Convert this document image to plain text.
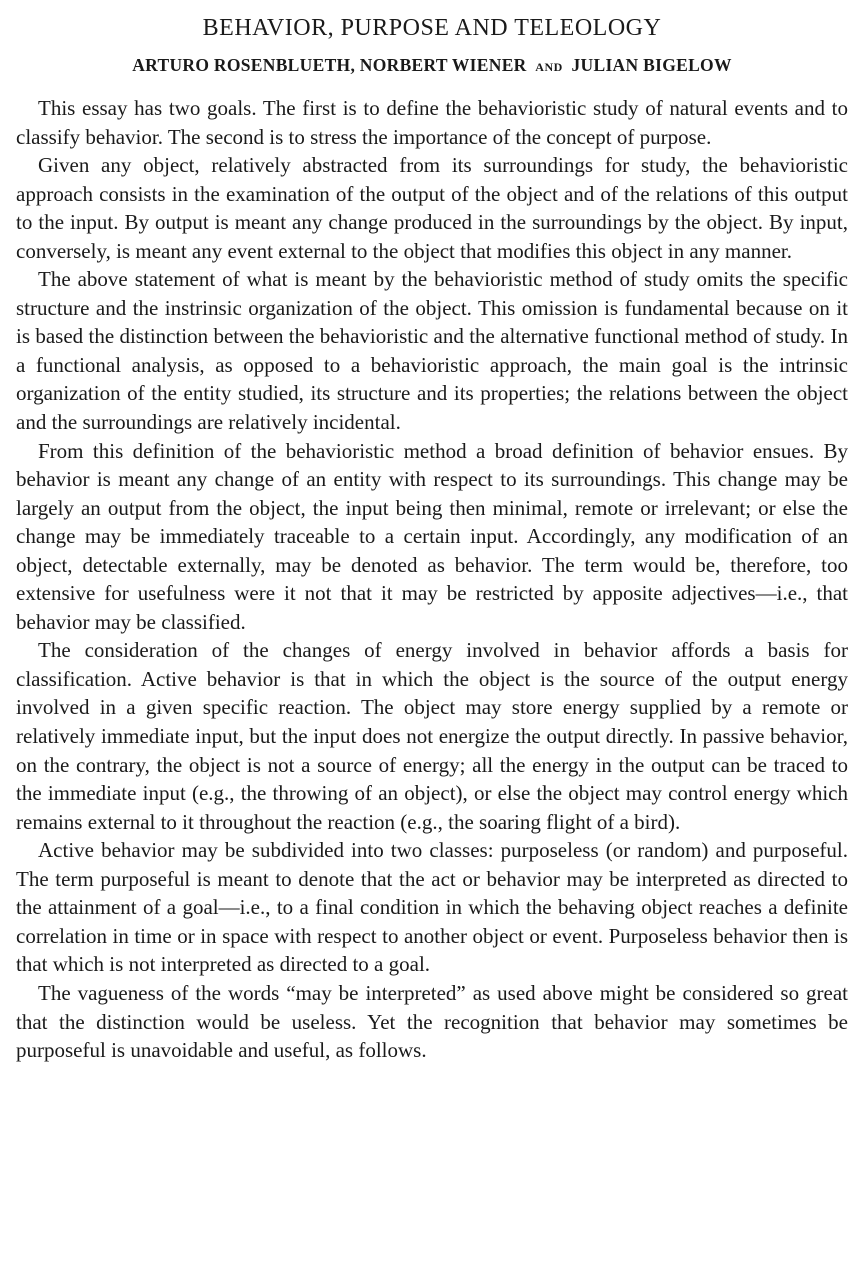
BEHAVIOR, PURPOSE AND TELEOLOGY
ARTURO ROSENBLUETH, NORBERT WIENER AND JULIAN BIGELOW

This essay has two goals. The first is to define the behavioristic study of natural events and to classify behavior. The second is to stress the importance of the concept of purpose.

Given any object, relatively abstracted from its surroundings for study, the behavioristic approach consists in the examination of the output of the object and of the relations of this output to the input. By output is meant any change produced in the surroundings by the object. By input, conversely, is meant any event external to the object that modifies this object in any manner.

The above statement of what is meant by the behavioristic method of study omits the specific structure and the instrinsic organization of the object. This omission is fundamental because on it is based the distinction between the behavioristic and the alternative functional method of study. In a functional analysis, as opposed to a behavioristic approach, the main goal is the intrinsic organization of the entity studied, its structure and its properties; the relations between the object and the surroundings are relatively incidental.

From this definition of the behavioristic method a broad definition of behavior ensues. By behavior is meant any change of an entity with respect to its surroundings. This change may be largely an output from the object, the input being then minimal, remote or irrelevant; or else the change may be immediately traceable to a certain input. Accordingly, any modification of an object, detectable externally, may be denoted as behavior. The term would be, therefore, too extensive for usefulness were it not that it may be restricted by apposite adjectives—i.e., that behavior may be classified.

The consideration of the changes of energy involved in behavior affords a basis for classification. Active behavior is that in which the object is the source of the output energy involved in a given specific reaction. The object may store energy supplied by a remote or relatively immediate input, but the input does not energize the output directly. In passive behavior, on the contrary, the object is not a source of energy; all the energy in the output can be traced to the immediate input (e.g., the throwing of an object), or else the object may control energy which remains external to it throughout the reaction (e.g., the soaring flight of a bird).

Active behavior may be subdivided into two classes: purposeless (or random) and purposeful. The term purposeful is meant to denote that the act or behavior may be interpreted as directed to the attainment of a goal—i.e., to a final condition in which the behaving object reaches a definite correlation in time or in space with respect to another object or event. Purposeless behavior then is that which is not interpreted as directed to a goal.

The vagueness of the words “may be interpreted” as used above might be considered so great that the distinction would be useless. Yet the recognition that behavior may sometimes be purposeful is unavoidable and useful, as follows.
